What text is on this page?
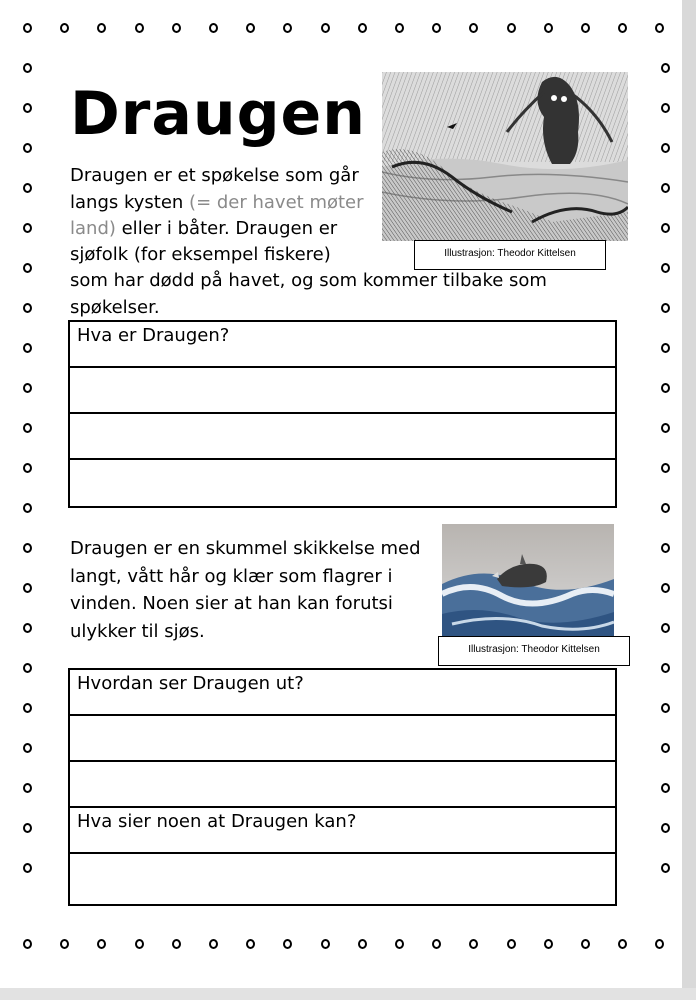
Draugen
Draugen er et spøkelse som går
langs kysten (= der havet møter
land) eller i båter. Draugen er
sjøfolk (for eksempel fiskere)
som har dødd på havet, og som kommer tilbake som
spøkelser.
Illustrasjon: Theodor Kittelsen
Hva er Draugen?
Draugen er en skummel skikkelse med
langt, vått hår og klær som flagrer i
vinden. Noen sier at han kan forutsi
ulykker til sjøs.
Illustrasjon: Theodor Kittelsen
Hvordan ser Draugen ut?
Hva sier noen at Draugen kan?
